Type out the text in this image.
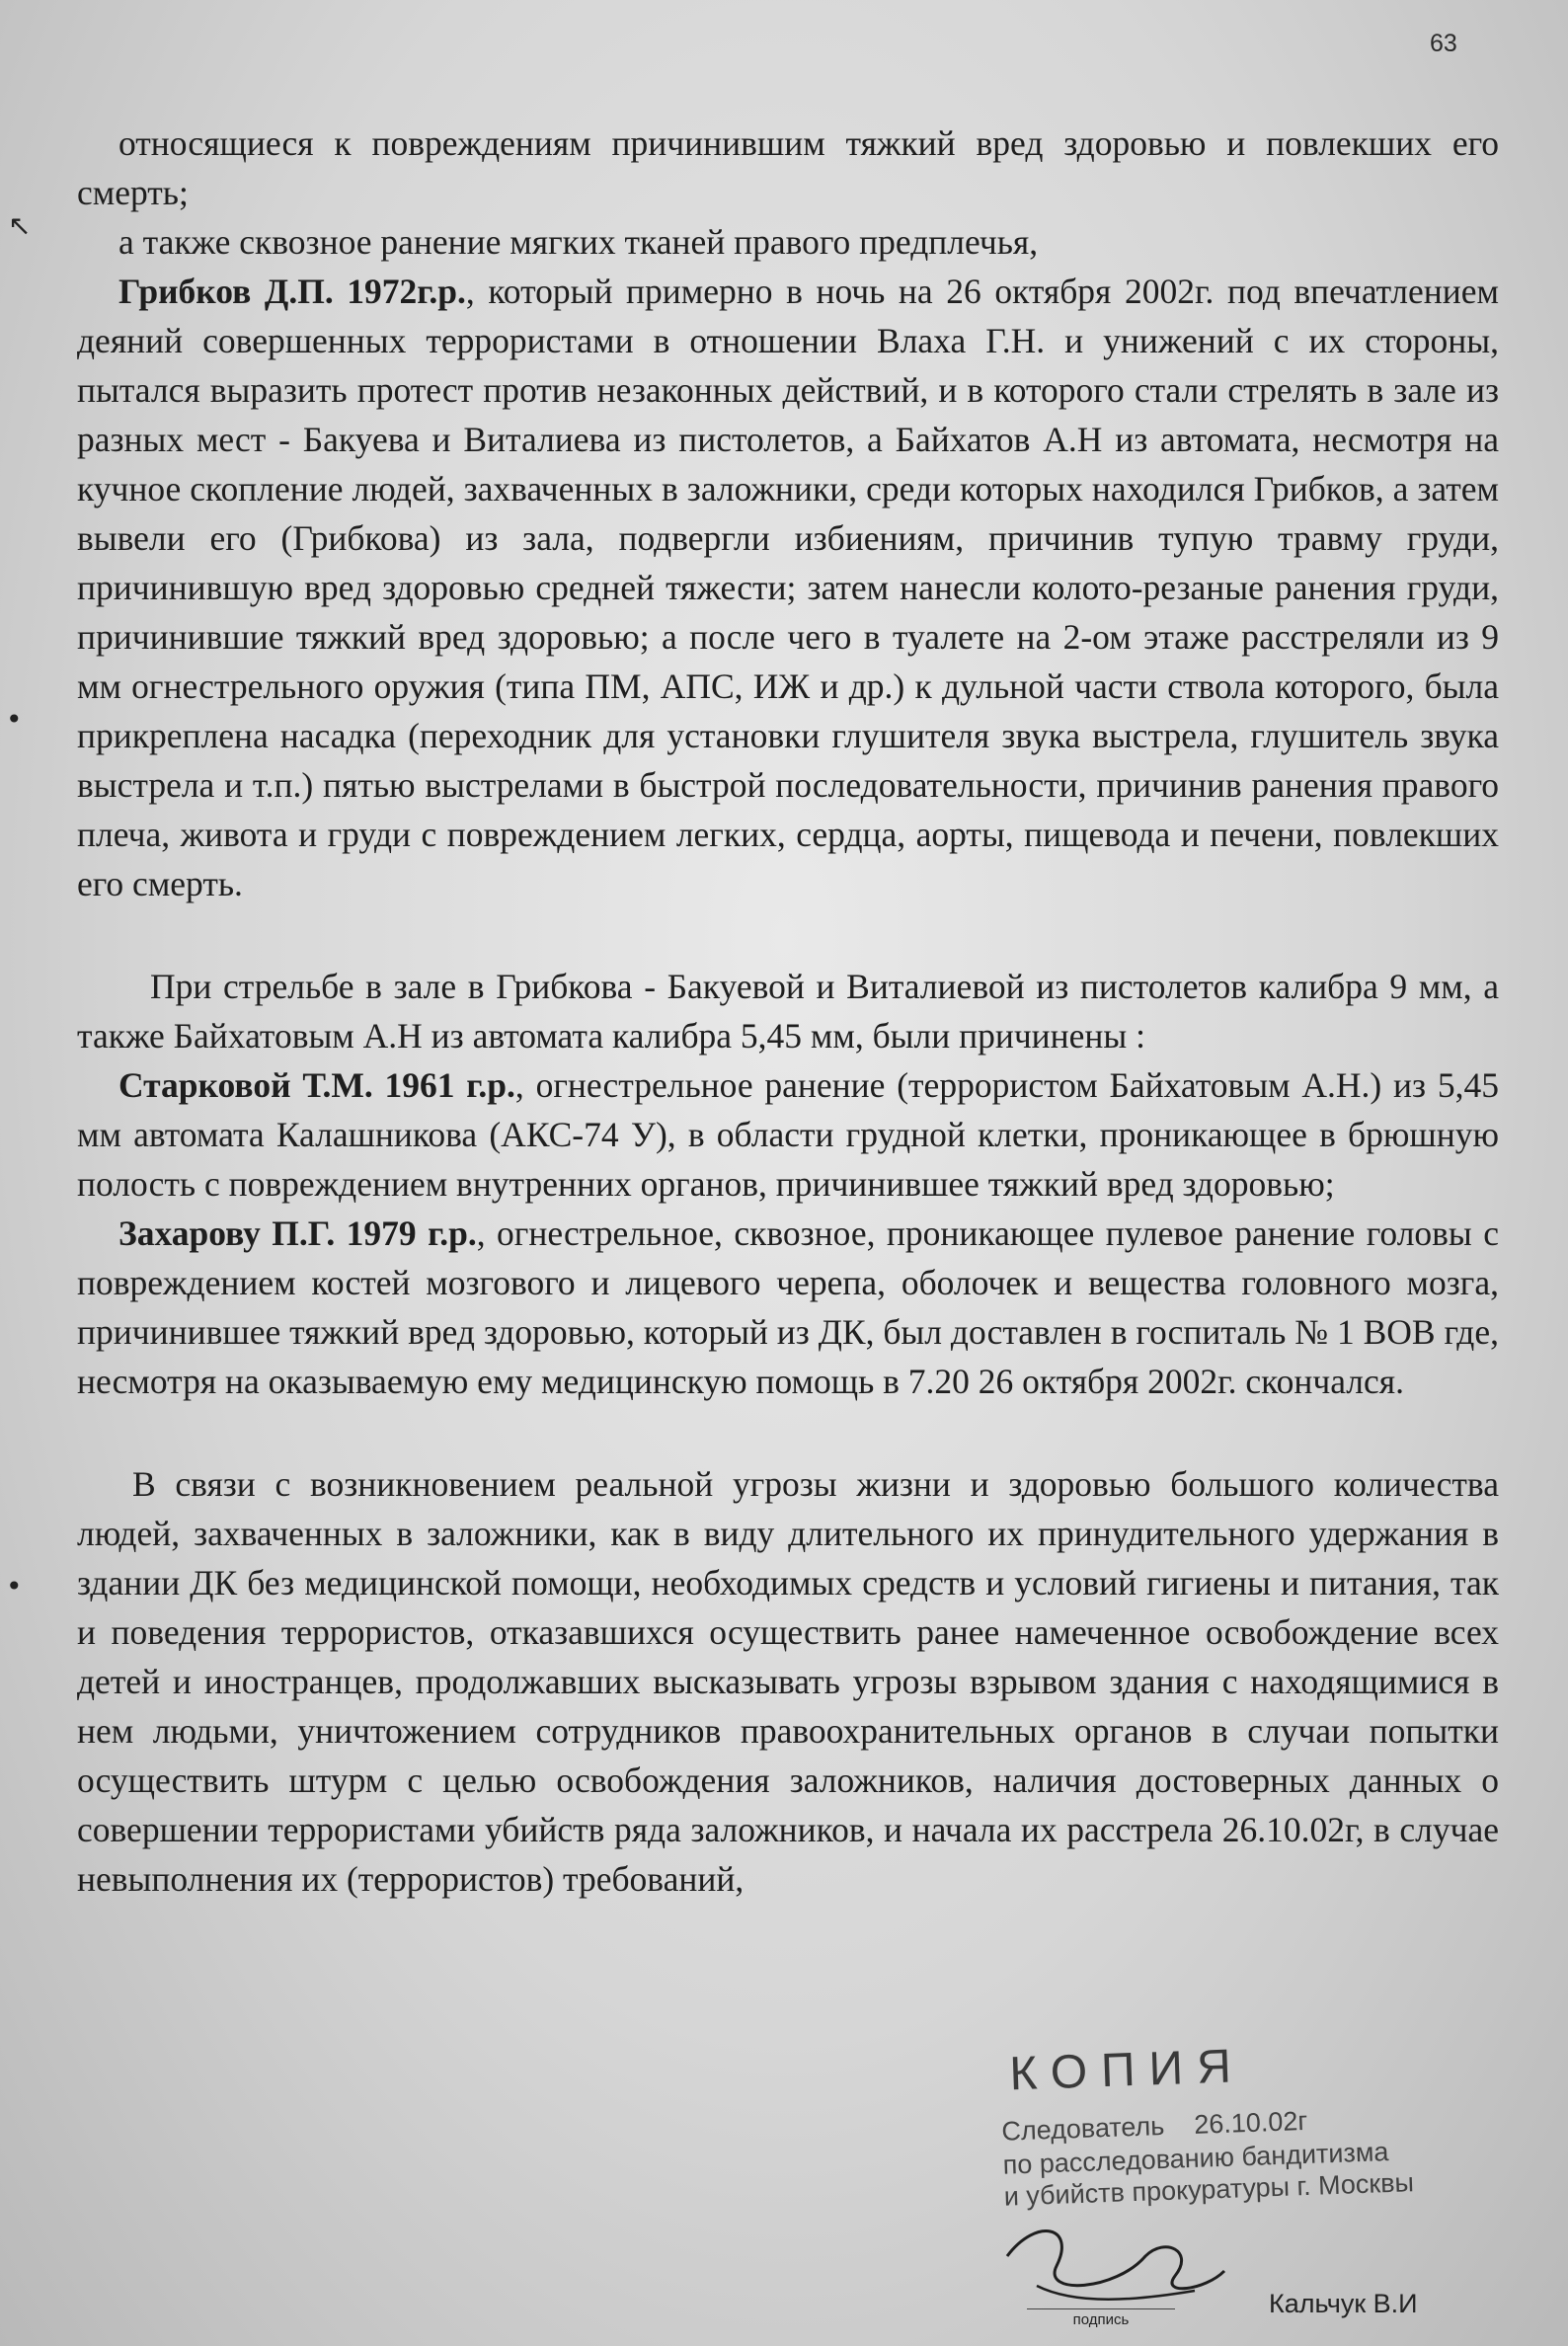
63
↖
•
•

относящиеся к повреждениям причинившим тяжкий вред здоровью и повлекших его смерть;

а также сквозное ранение мягких тканей правого предплечья,

Грибков Д.П. 1972г.р., который примерно в ночь на 26 октября 2002г. под впечатлением деяний совершенных террористами в отношении Влаха Г.Н. и унижений с их стороны, пытался выразить протест против незаконных действий, и в которого стали стрелять в зале из разных мест - Бакуева и Виталиева из пистолетов, а Байхатов А.Н из автомата, несмотря на кучное скопление людей, захваченных в заложники, среди которых находился Грибков, а затем вывели его (Грибкова) из зала, подвергли избиениям, причинив тупую травму груди, причинившую вред здоровью средней тяжести; затем нанесли колото-резаные ранения груди, причинившие тяжкий вред здоровью; а после чего в туалете на 2-ом этаже расстреляли из 9 мм огнестрельного оружия (типа ПМ, АПС, ИЖ и др.) к дульной части ствола которого, была прикреплена насадка (переходник для установки глушителя звука выстрела, глушитель звука выстрела и т.п.) пятью выстрелами в быстрой последовательности, причинив ранения правого плеча, живота и груди с повреждением легких, сердца, аорты, пищевода и печени, повлекших его смерть.

При стрельбе в зале в Грибкова - Бакуевой и Виталиевой из пистолетов калибра 9 мм, а также Байхатовым А.Н из автомата калибра 5,45 мм, были причинены :

Старковой Т.М. 1961 г.р., огнестрельное ранение (террористом Байхатовым А.Н.) из 5,45 мм автомата Калашникова (АКС-74 У), в области грудной клетки, проникающее в брюшную полость с повреждением внутренних органов, причинившее тяжкий вред здоровью;

Захарову П.Г. 1979 г.р., огнестрельное, сквозное, проникающее пулевое ранение головы с повреждением костей мозгового и лицевого черепа, оболочек и вещества головного мозга, причинившее тяжкий вред здоровью, который из ДК, был доставлен в госпиталь № 1 ВОВ где, несмотря на оказываемую ему медицинскую помощь в 7.20 26 октября 2002г. скончался.

В связи с возникновением реальной угрозы жизни и здоровью большого количества людей, захваченных в заложники, как в виду длительного их принудительного удержания в здании ДК без медицинской помощи, необходимых средств и условий гигиены и питания, так и поведения террористов, отказавшихся осуществить ранее намеченное освобождение всех детей и иностранцев, продолжавших высказывать угрозы взрывом здания с находящимися в нем людьми, уничтожением сотрудников правоохранительных органов в случаи попытки осуществить штурм с целью освобождения заложников, наличия достоверных данных о совершении террористами убийств ряда заложников, и начала их расстрела 26.10.02г, в случае невыполнения их (террористов) требований,

КОПИЯ
Следователь 26.10.02г
по расследованию бандитизма
и убийств прокуратуры г. Москвы
подпись
Кальчук В.И
